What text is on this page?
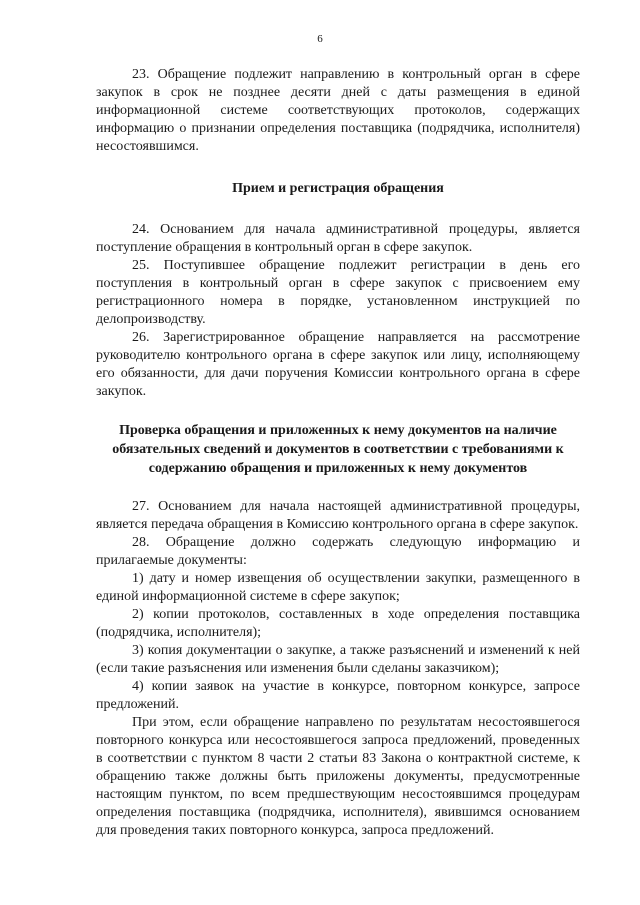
6

23. Обращение подлежит направлению в контрольный орган в сфере закупок в срок не позднее десяти дней с даты размещения в единой информационной системе соответствующих протоколов, содержащих информацию о признании определения поставщика (подрядчика, исполнителя) несостоявшимся.

Прием и регистрация обращения

24. Основанием для начала административной процедуры, является поступление обращения в контрольный орган в сфере закупок.

25. Поступившее обращение подлежит регистрации в день его поступления в контрольный орган в сфере закупок с присвоением ему регистрационного номера в порядке, установленном инструкцией по делопроизводству.

26. Зарегистрированное обращение направляется на рассмотрение руководителю контрольного органа в сфере закупок или лицу, исполняющему его обязанности, для дачи поручения Комиссии контрольного органа в сфере закупок.

Проверка обращения и приложенных к нему документов на наличие обязательных сведений и документов в соответствии с требованиями к содержанию обращения и приложенных к нему документов

27. Основанием для начала настоящей административной процедуры, является передача обращения в Комиссию контрольного органа в сфере закупок.

28. Обращение должно содержать следующую информацию и прилагаемые документы:

1) дату и номер извещения об осуществлении закупки, размещенного в единой информационной системе в сфере закупок;

2) копии протоколов, составленных в ходе определения поставщика (подрядчика, исполнителя);

3) копия документации о закупке, а также разъяснений и изменений к ней (если такие разъяснения или изменения были сделаны заказчиком);

4) копии заявок на участие в конкурсе, повторном конкурсе, запросе предложений.

При этом, если обращение направлено по результатам несостоявшегося повторного конкурса или несостоявшегося запроса предложений, проведенных в соответствии с пунктом 8 части 2 статьи 83 Закона о контрактной системе, к обращению также должны быть приложены документы, предусмотренные настоящим пунктом, по всем предшествующим несостоявшимся процедурам определения поставщика (подрядчика, исполнителя), явившимся основанием для проведения таких повторного конкурса, запроса предложений.
